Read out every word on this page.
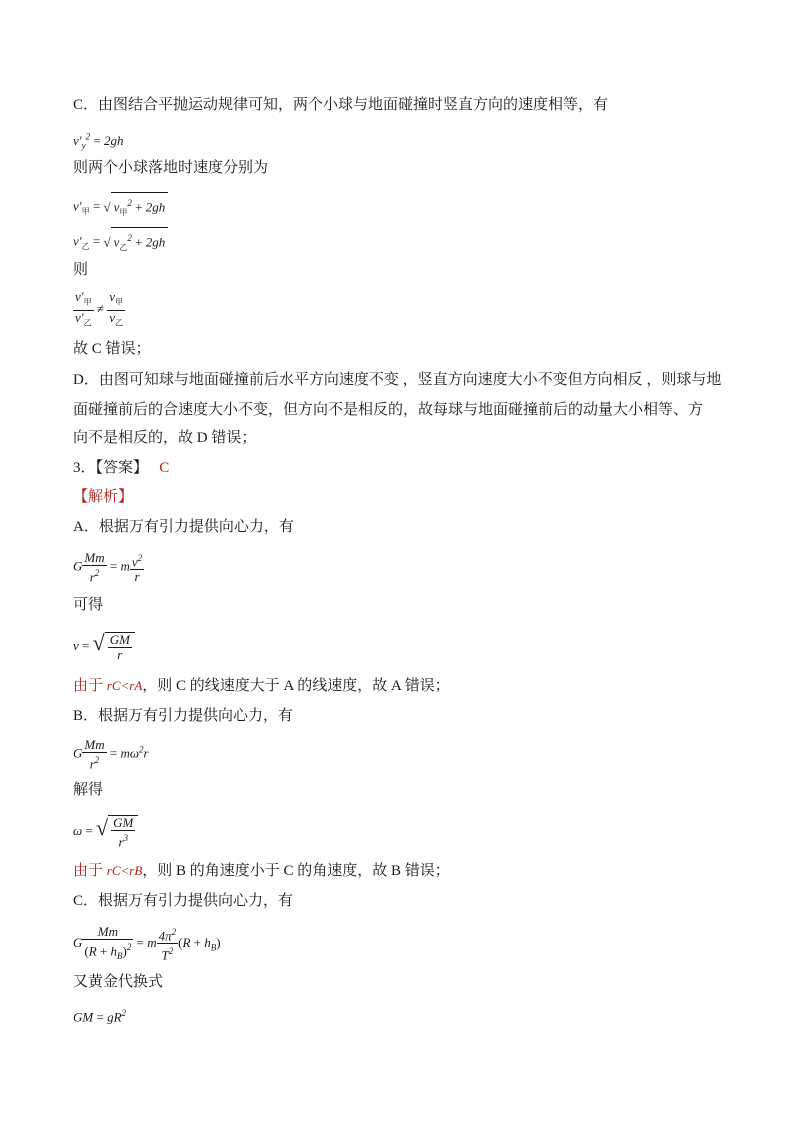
C．由图结合平抛运动规律可知，两个小球与地面碰撞时竖直方向的速度相等，有
$v'_y^2 = 2gh$
则两个小球落地时速度分别为
$v'_甲$ = √ $v_甲^2 + 2gh$
$v'_乙$ = √ $v_乙^2 + 2gh$
则
$\frac{v'_甲}{v'_乙} \ne \frac{v_甲}{v_乙}$
故 C 错误；
D．由图可知球与地面碰撞前后水平方向速度不变 ，竖直方向速度大小不变但方向相反 ，则球与地
面碰撞前后的合速度大小不变，但方向不是相反的，故每球与地面碰撞前后的动量大小相等、方
向不是相反的，故 D 错误；
3．【答案】 C
【解析】
A．根据万有引力提供向心力，有
G $\frac{Mm}{r^2} = m \frac{v^2}{r}$
可得
v = √ $\frac{GM}{r}$
由于 rC<rA，则 C 的线速度大于 A 的线速度，故 A 错误；
B．根据万有引力提供向心力，有
G $\frac{Mm}{r^2} = m\omega^2r$
解得
ω = √ $\frac{GM}{r^3}$
由于 rC<rB，则 B 的角速度小于 C 的角速度，故 B 错误；
C．根据万有引力提供向心力，有
G $\frac{Mm}{(R + h_B)^2} = m \frac{4\pi^2}{T^2} (R + h_B)$
又黄金代换式
GM = $gR^2$
